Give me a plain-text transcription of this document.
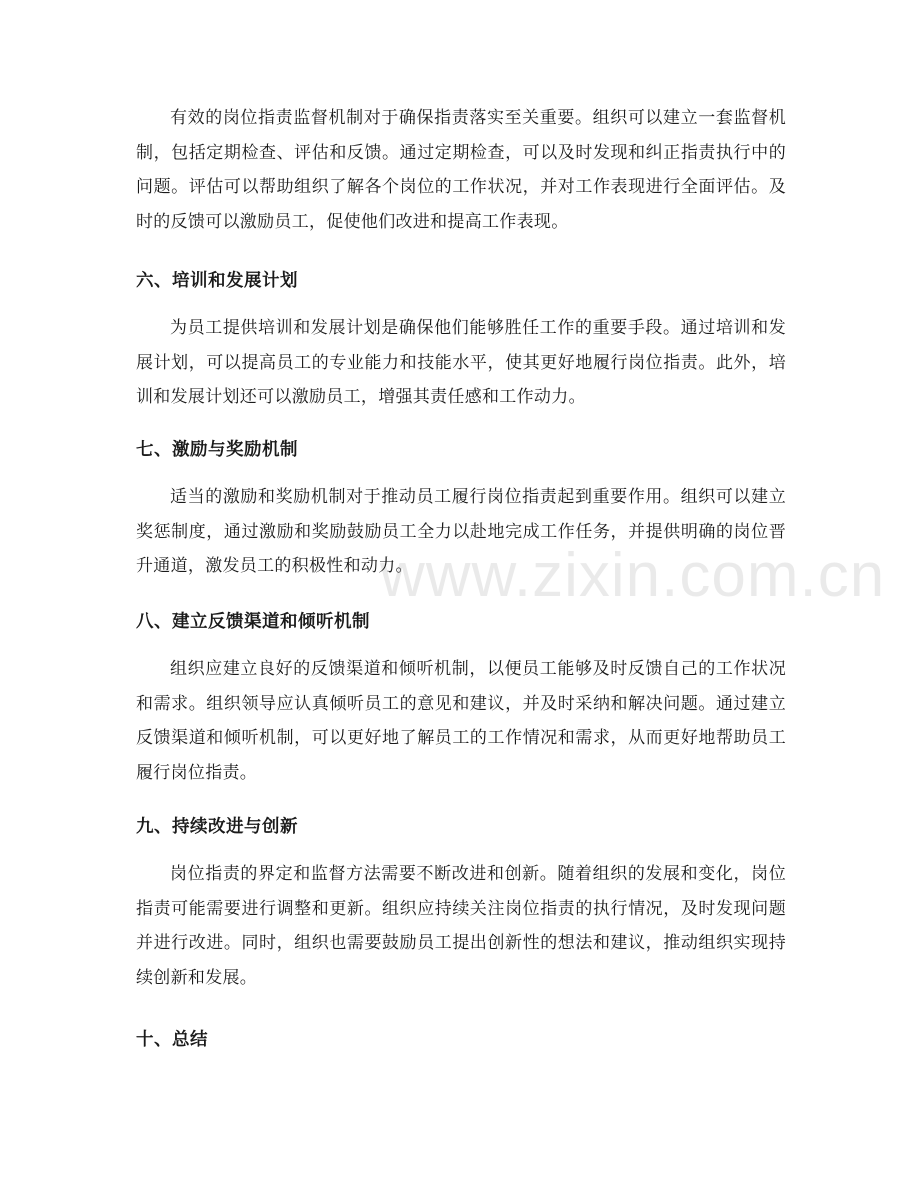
有效的岗位指责监督机制对于确保指责落实至关重要。组织可以建立一套监督机制，包括定期检查、评估和反馈。通过定期检查，可以及时发现和纠正指责执行中的问题。评估可以帮助组织了解各个岗位的工作状况，并对工作表现进行全面评估。及时的反馈可以激励员工，促使他们改进和提高工作表现。

六、培训和发展计划

为员工提供培训和发展计划是确保他们能够胜任工作的重要手段。通过培训和发展计划，可以提高员工的专业能力和技能水平，使其更好地履行岗位指责。此外，培训和发展计划还可以激励员工，增强其责任感和工作动力。

七、激励与奖励机制

适当的激励和奖励机制对于推动员工履行岗位指责起到重要作用。组织可以建立奖惩制度，通过激励和奖励鼓励员工全力以赴地完成工作任务，并提供明确的岗位晋升通道，激发员工的积极性和动力。

八、建立反馈渠道和倾听机制

组织应建立良好的反馈渠道和倾听机制，以便员工能够及时反馈自己的工作状况和需求。组织领导应认真倾听员工的意见和建议，并及时采纳和解决问题。通过建立反馈渠道和倾听机制，可以更好地了解员工的工作情况和需求，从而更好地帮助员工履行岗位指责。

九、持续改进与创新

岗位指责的界定和监督方法需要不断改进和创新。随着组织的发展和变化，岗位指责可能需要进行调整和更新。组织应持续关注岗位指责的执行情况，及时发现问题并进行改进。同时，组织也需要鼓励员工提出创新性的想法和建议，推动组织实现持续创新和发展。

十、总结
www.zixin.com.cn
